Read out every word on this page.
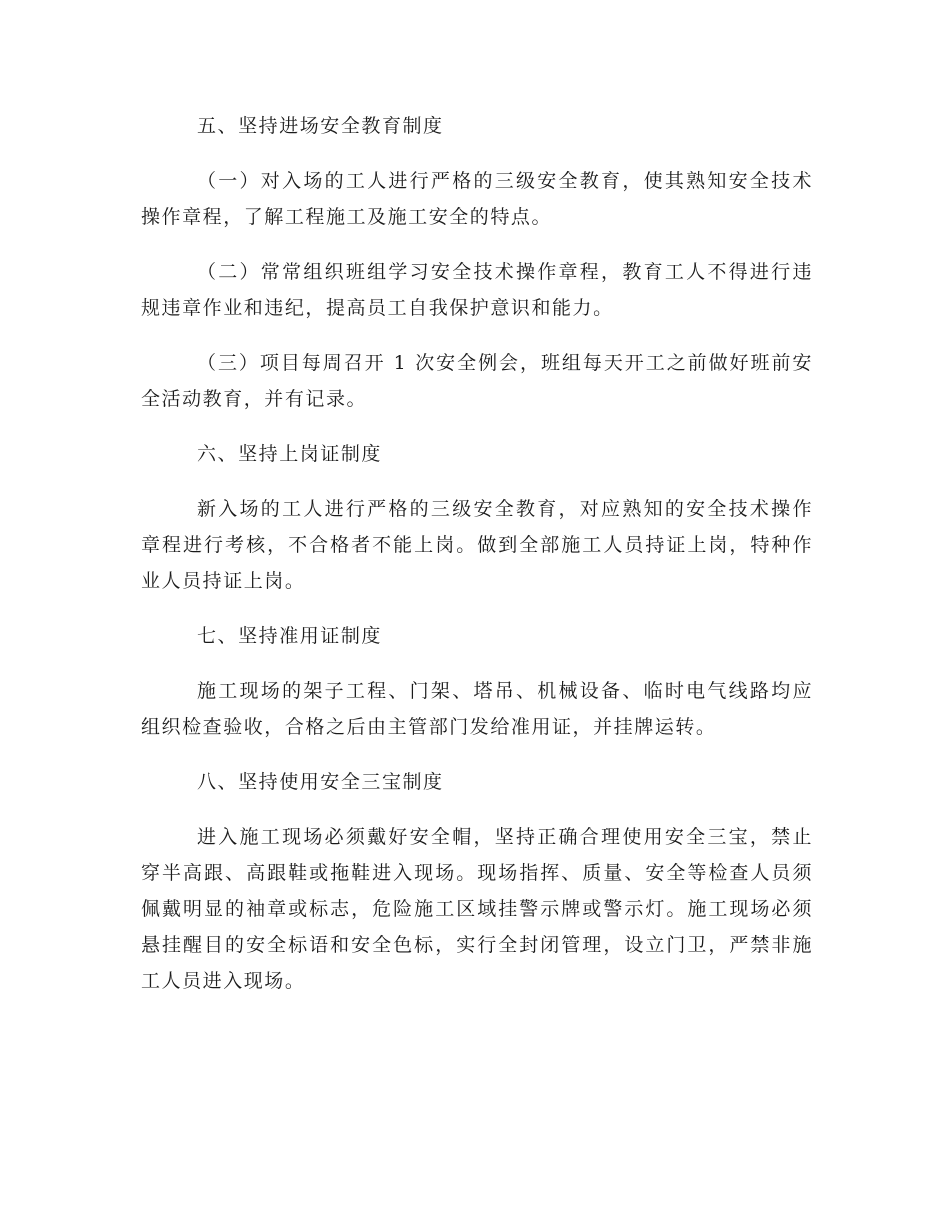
五、坚持进场安全教育制度

（一）对入场的工人进行严格的三级安全教育，使其熟知安全技术操作章程，了解工程施工及施工安全的特点。

（二）常常组织班组学习安全技术操作章程，教育工人不得进行违规违章作业和违纪，提高员工自我保护意识和能力。

（三）项目每周召开 1 次安全例会，班组每天开工之前做好班前安全活动教育，并有记录。

六、坚持上岗证制度

新入场的工人进行严格的三级安全教育，对应熟知的安全技术操作章程进行考核，不合格者不能上岗。做到全部施工人员持证上岗，特种作业人员持证上岗。

七、坚持准用证制度

施工现场的架子工程、门架、塔吊、机械设备、临时电气线路均应组织检查验收，合格之后由主管部门发给准用证，并挂牌运转。

八、坚持使用安全三宝制度

进入施工现场必须戴好安全帽，坚持正确合理使用安全三宝，禁止穿半高跟、高跟鞋或拖鞋进入现场。现场指挥、质量、安全等检查人员须佩戴明显的袖章或标志，危险施工区域挂警示牌或警示灯。施工现场必须悬挂醒目的安全标语和安全色标，实行全封闭管理，设立门卫，严禁非施工人员进入现场。
